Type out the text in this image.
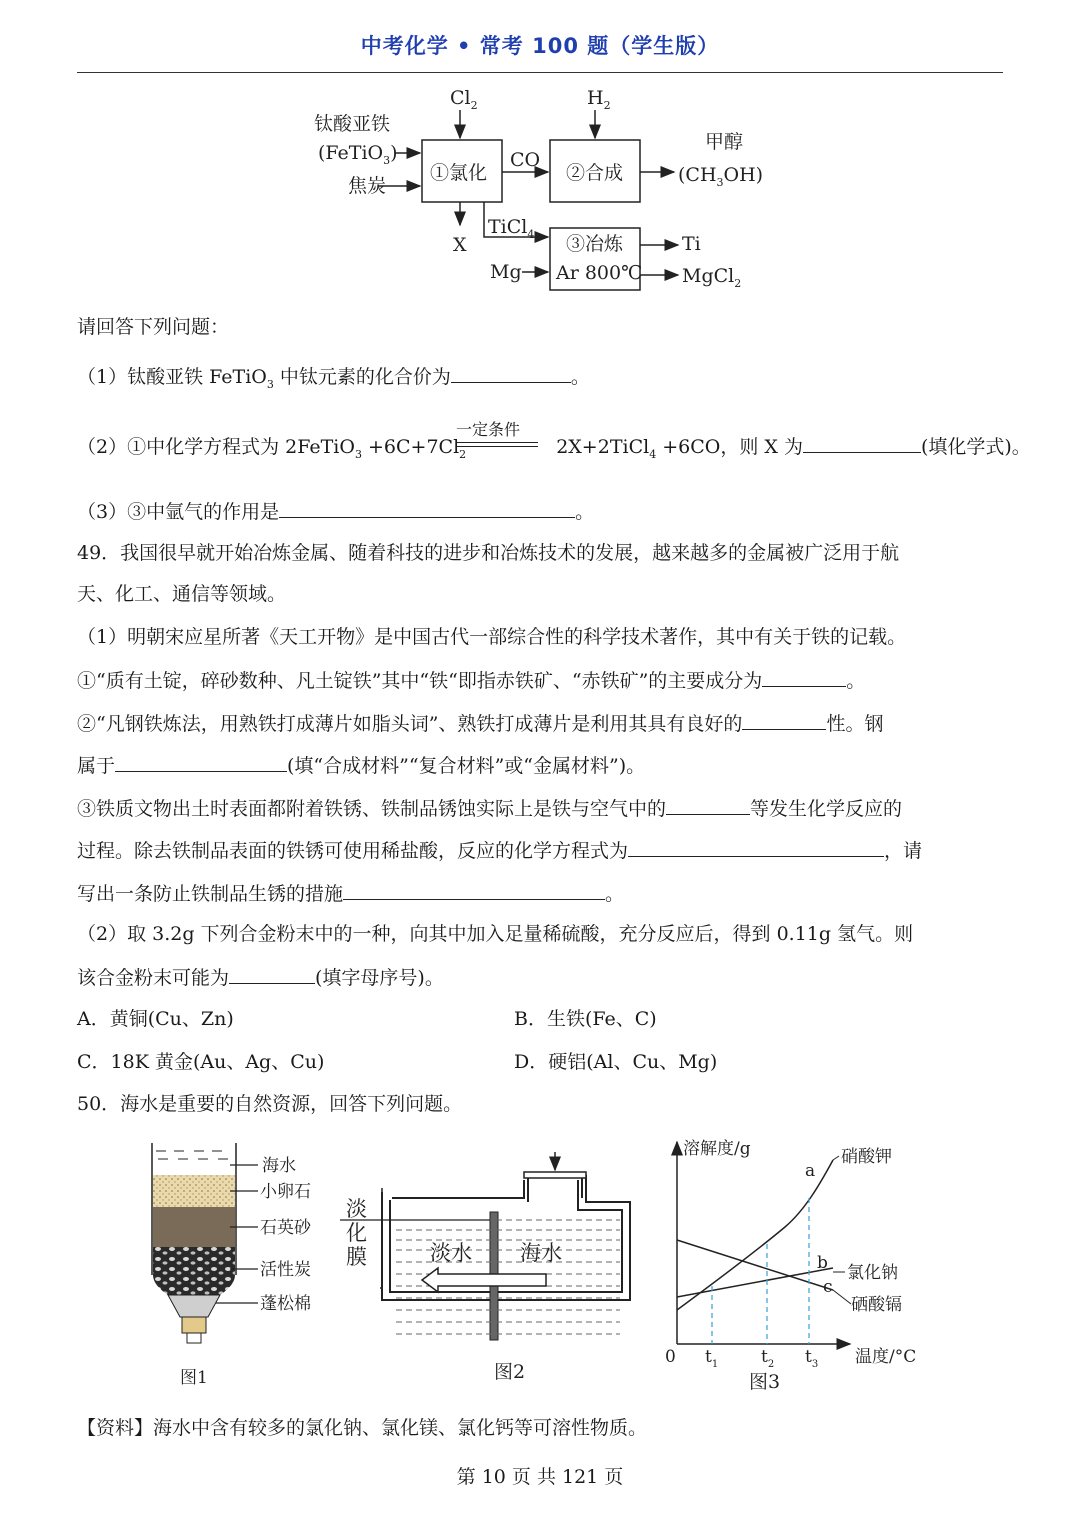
中考化学 • 常考 100 题（学生版）
$Cl_2$	$H_2$
钛酸亚铁
(FeTiO$_3$)
焦炭
①氯化
CO
②合成
甲醇
$(CH_3OH)$
X
TiCl$_4$
Mg
③冶炼
Ar 800℃
Ti
MgCl$_2$
请回答下列问题：
（1）钛酸亚铁 FeTiO$_3$ 中钛元素的化合价为	。
一定条件
（2）①中化学方程式为 2FeTiO$_3$ $+6C+7Cl_2$	2X+2TiCl$_4$ +6CO，则 X 为	(填化学式)。
（3）③中氩气的作用是	。
49．我国很早就开始冶炼金属、随着科技的进步和冶炼技术的发展，越来越多的金属被广泛用于航
天、化工、通信等领域。
（1）明朝宋应星所著《天工开物》是中国古代一部综合性的科学技术著作，其中有关于铁的记载。
①“质有土锭，碎砂数种、凡土锭铁”其中“铁“即指赤铁矿、“赤铁矿”的主要成分为	。
②“凡钢铁炼法，用熟铁打成薄片如脂头词”、熟铁打成薄片是利用其具有良好的	性。钢
属于	(填“合成材料”“复合材料”或“金属材料”)。
③铁质文物出土时表面都附着铁锈、铁制品锈蚀实际上是铁与空气中的	等发生化学反应的
过程。除去铁制品表面的铁锈可使用稀盐酸，反应的化学方程式为	，请
写出一条防止铁制品生锈的措施	。
（2）取 3.2g 下列合金粉末中的一种，向其中加入足量稀硫酸，充分反应后，得到 0.11g 氢气。则
该合金粉末可能为	(填字母序号)。
A．黄铜(Cu、Zn)	B．生铁(Fe、C)
C．18K 黄金(Au、Ag、Cu)	D．硬铝(Al、Cu、Mg)
50．海水是重要的自然资源，回答下列问题。
海水
小卵石
石英砂
活性炭
蓬松棉
图1
淡
化
膜	淡水 海水
图2
溶解度/g
0	温度/°C
$t_1$	$t_2$ $t_3$
a
硝酸钾
b 氯化钠
c
硒酸镉
图3
【资料】海水中含有较多的氯化钠、氯化镁、氯化钙等可溶性物质。
第 10 页 共 121 页
